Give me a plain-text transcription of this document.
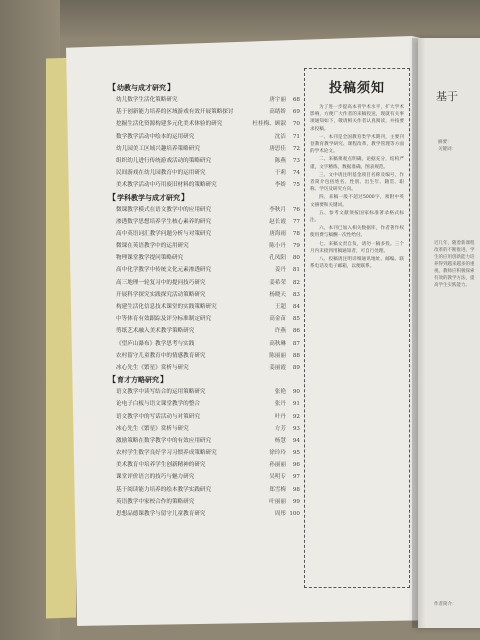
【 幼教与成才研究 】
幼儿数学生活化策略研究	唐宇丽	68
基于创新能力培养的区域游戏有效开展策略探讨	高绪娇	69
挖掘生活化资源构建多元化美术体验的研究	杜桂梅、顾淑	70
数学教学活动中绘本的运用研究	沈洁	71
幼儿园美工区域兴趣培养策略研究	唐思佳	72
组织幼儿进行传统游戏活动的策略研究	陈燕	73
民间游戏在幼儿园教育中的运用研究	于莉	74
美术教学活动中巧用废旧材料的策略研究	李娇	75
【 学科教学与成才研究 】
微课教学模式在语文教学中的应用研究	李秋月	76
渗透数学思想培养学生核心素养的研究	赵长霞	77
高中英语词汇教学问题分析与对策研究	唐海雨	78
微课在英语教学中的运用研究	陈小丹	79
物理课堂教学提问策略研究	孔凤阳	80
高中化学教学中传统文化元素渗透研究	姜丹	81
高三地理一轮复习中的提问技巧研究	姜希荣	82
开展科学探究实践探究活动策略研究	杨晓天	83
构建生活化信息技术课堂的实践策略研究	王超	84
中等体育有效跟踪及评分标准制定研究	高金苗	85
剪纸艺术融入美术教学策略研究	许燕	86
《望庐山瀑布》教学思考与实践	高秋琳	87
农村留守儿童教育中的情感教育研究	陈丽丽	88
冰心先生《繁星》赏析与研究	姜丽霞	89
【 育才方略研究 】
语文教学中读写结合的运用策略研究	张艳	90
论电子白板与语文课堂教学的整合	张丹	91
语文教学中的写话活动与对策研究	叶丹	92
冰心先生《繁星》赏析与研究	方芳	93
激励策略在数学教学中的有效应用研究	杨慧	94
农村学生数学良好学习习惯养成策略研究	徐玲玲	95
美术教育中培养学生创新精神的研究	孙丽丽	96
课堂评价语言的技巧与魅力研究	吴明专	97
基于阅读能力培养的绘本教学实践研究	郑雪梅	98
英语教学中家校合作的策略研究	叶丽丽	99
思想品德课教学与留守儿童教育研究	周彤 100
投稿须知

为了进一步提高本刊学术水平，扩大学术影响，方便广大作者的来稿投送，现就有关事项通知如下，敬请相关作者认真阅读，并按要求投稿。

一、本刊是全国教育类学术期刊，主要刊登教育教学研究、课程改革、教学管理等方面的学术论文。

二、来稿须观点明确，论据充分，结构严谨，文字精炼，数据准确，图表规范。

三、文中请注明基金项目名称及编号，作者简介包括姓名、性别、出生年、籍贯、职称、学历及研究方向。

四、来稿一般不超过5000字，须附中英文摘要和关键词。

五、参考文献须按国家标准著录格式标注。

六、本刊已加入相关数据库，作者著作权使用费与稿酬一次性给付。

七、来稿文责自负，请勿一稿多投。三个月内未接到用稿通知者，可自行处理。

八、投稿请注明详细通讯地址、邮编、联系电话及电子邮箱，以便联系。

基于
摘要：
关键词：
近几年，随着新课程改革的不断推进，学生的应用创新能力培养得到越来越多的重视，教师应积极探索有效的教学方法，提高学生实践能力。
作者简介：
